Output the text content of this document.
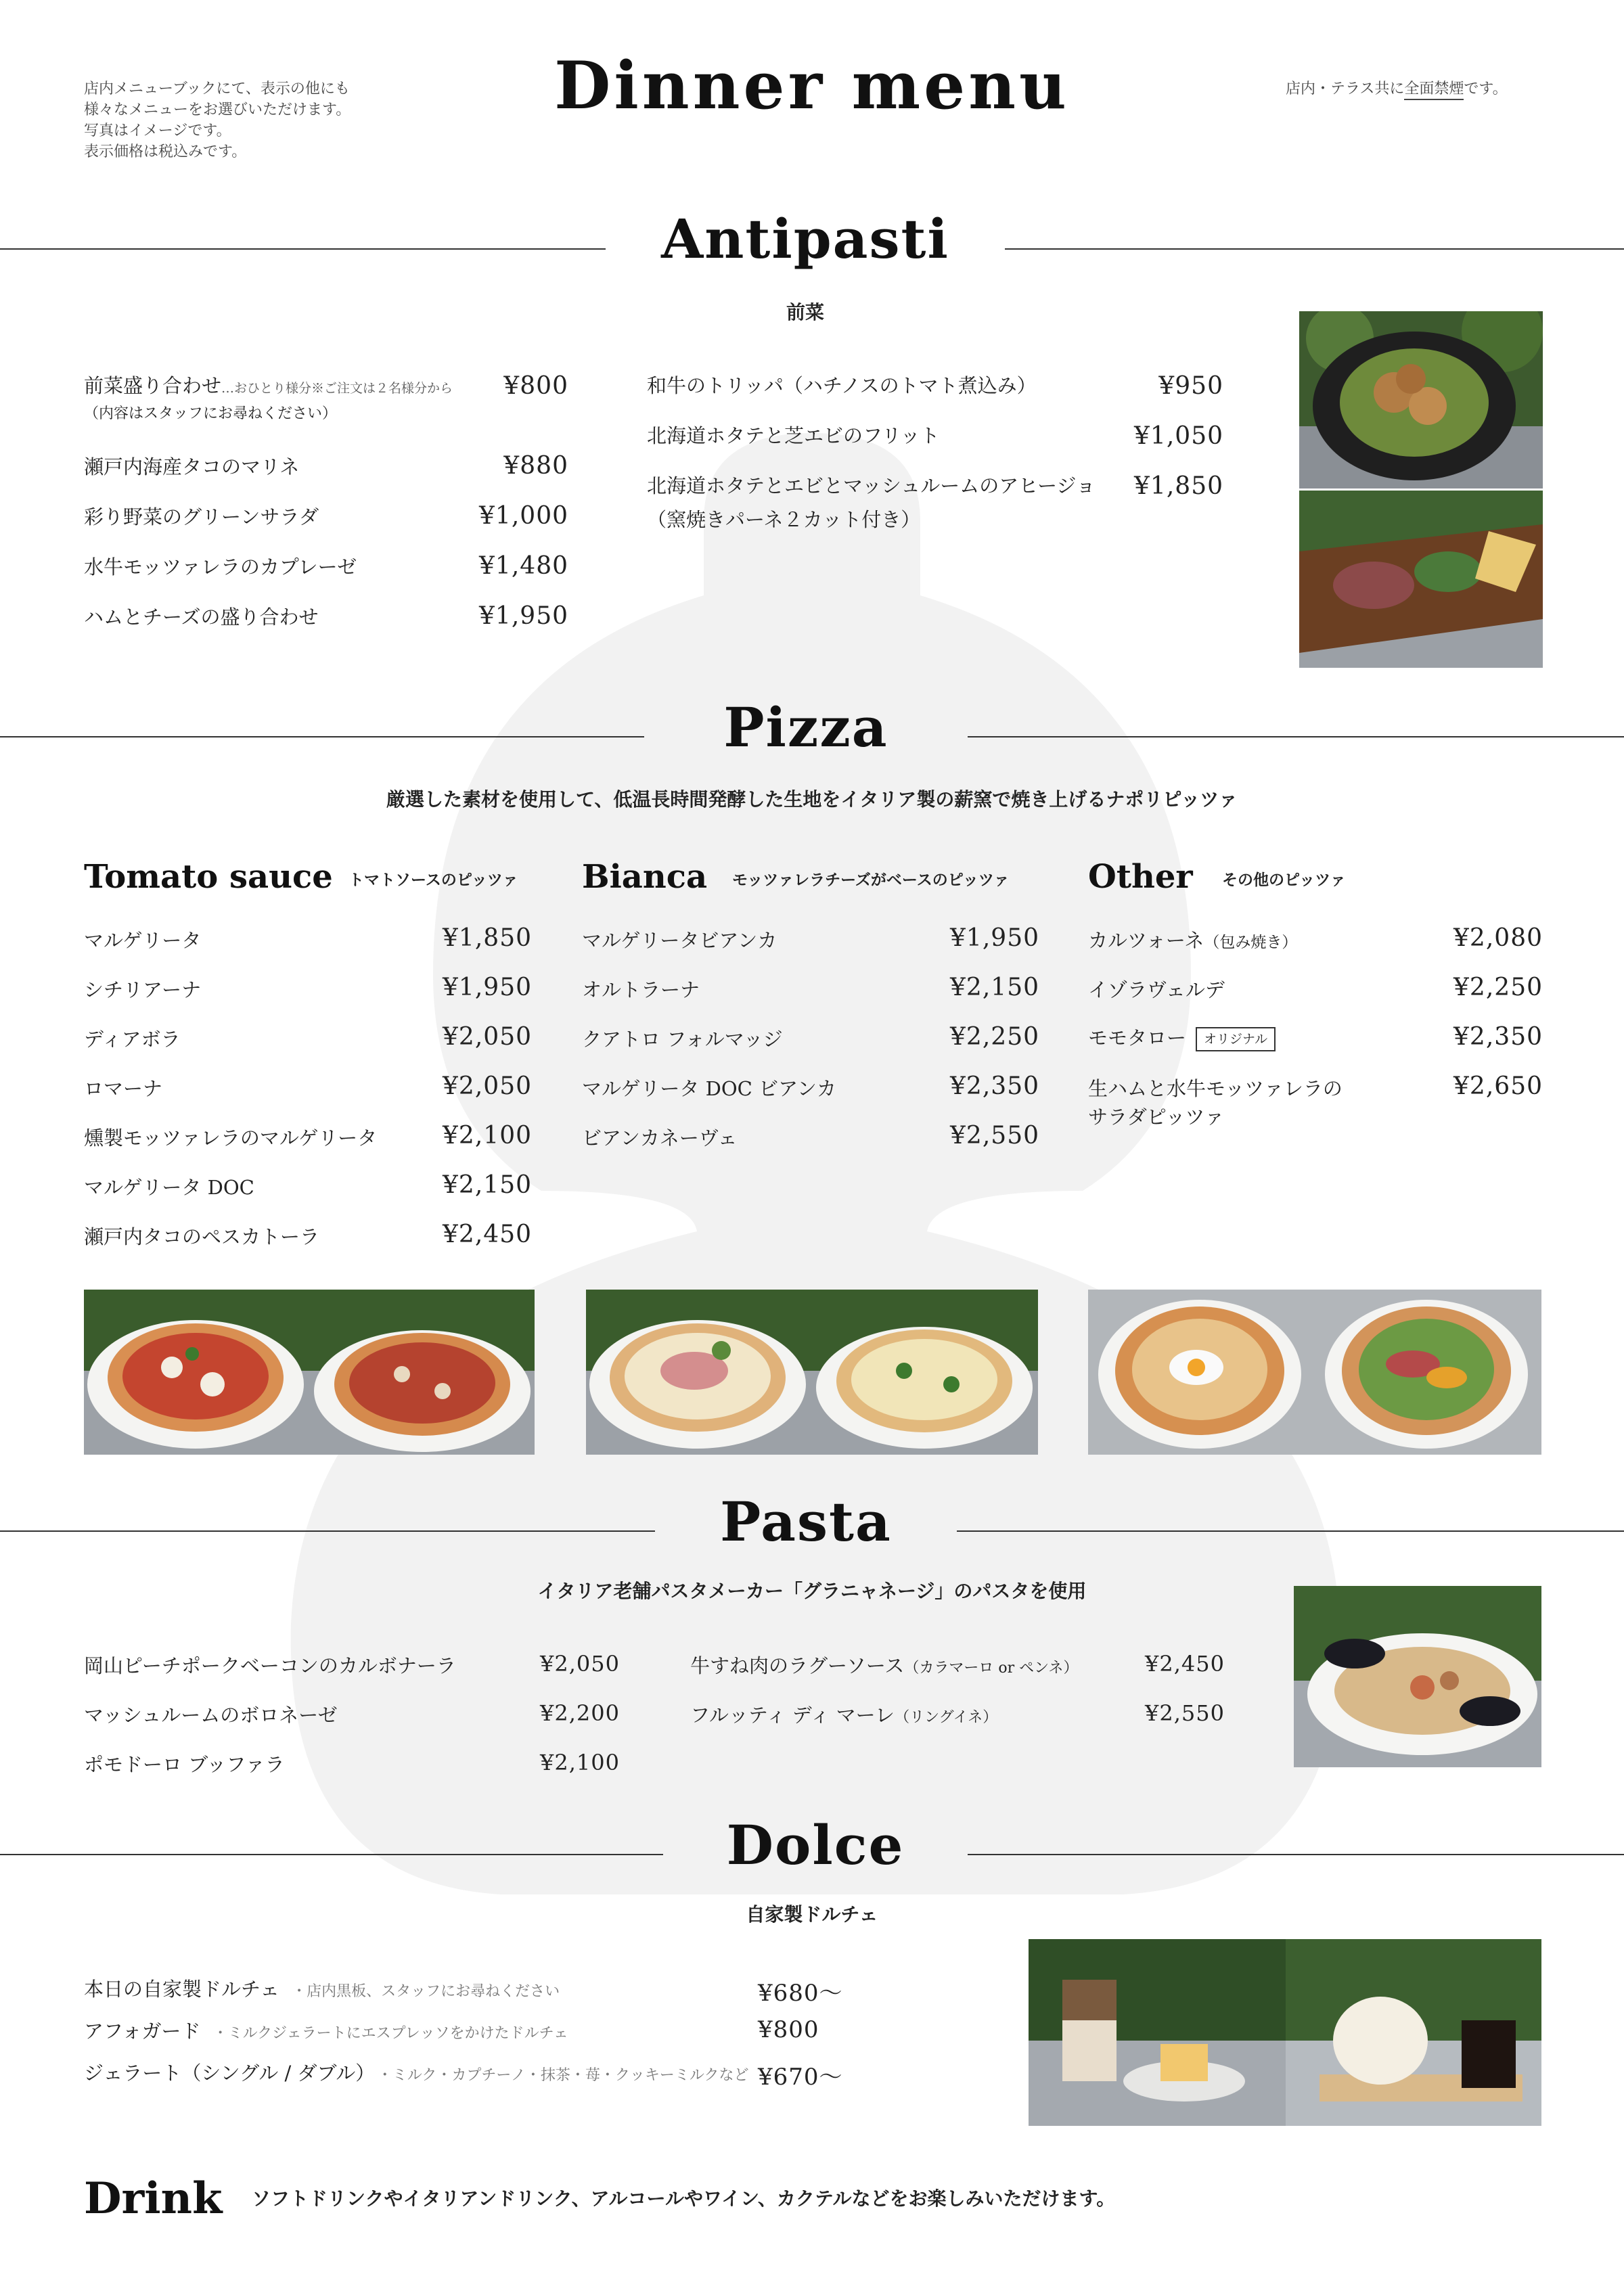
店内メニューブックにて、表示の他にも
様々なメニューをお選びいただけます。
写真はイメージです。
表示価格は税込みです。
Dinner menu	店内・テラス共に全面禁煙です。
Antipasti
前菜
前菜盛り合わせ…おひとり様分※ご注文は２名様分から
（内容はスタッフにお尋ねください）
¥800
瀬戸内海産タコのマリネ	¥880
彩り野菜のグリーンサラダ	¥1,000
水牛モッツァレラのカプレーゼ	¥1,480
ハムとチーズの盛り合わせ	¥1,950
和牛のトリッパ（ハチノスのトマト煮込み）	¥950
北海道ホタテと芝エビのフリット	¥1,050
北海道ホタテとエビとマッシュルームのアヒージョ
（窯焼きパーネ２カット付き）
¥1,850
Pizza
厳選した素材を使用して、低温長時間発酵した生地をイタリア製の薪窯で焼き上げるナポリピッツァ
Tomato sauce トマトソースのピッツァ
マルゲリータ	¥1,850
シチリアーナ	¥1,950
ディアボラ	¥2,050
ロマーナ	¥2,050
燻製モッツァレラのマルゲリータ	¥2,100
マルゲリータ DOC	¥2,150
瀬戸内タコのペスカトーラ	¥2,450
Bianca モッツァレラチーズがベースのピッツァ
マルゲリータビアンカ	¥1,950
オルトラーナ	¥2,150
クアトロ フォルマッジ	¥2,250
マルゲリータ DOC ビアンカ	¥2,350
ビアンカネーヴェ	¥2,550
Other その他のピッツァ
カルツォーネ（包み焼き）	¥2,080
イゾラヴェルデ	¥2,250
モモタロー オリジナル	¥2,350
生ハムと水牛モッツァレラの
サラダピッツァ
¥2,650
Pasta
イタリア老舗パスタメーカー「グラニャネージ」のパスタを使用
岡山ピーチポークベーコンのカルボナーラ	¥2,050
マッシュルームのボロネーゼ	¥2,200
ポモドーロ ブッファラ	¥2,100
牛すね肉のラグーソース（カラマーロ or ペンネ）	¥2,450
フルッティ ディ マーレ（リングイネ）	¥2,550
Dolce
自家製ドルチェ
本日の自家製ドルチェ ・店内黒板、スタッフにお尋ねください	¥680〜
アフォガード ・ミルクジェラートにエスプレッソをかけたドルチェ	¥800
ジェラート（シングル / ダブル） ・ミルク・カプチーノ・抹茶・苺・クッキーミルクなど ¥670〜
Drink ソフトドリンクやイタリアンドリンク、アルコールやワイン、カクテルなどをお楽しみいただけます。
